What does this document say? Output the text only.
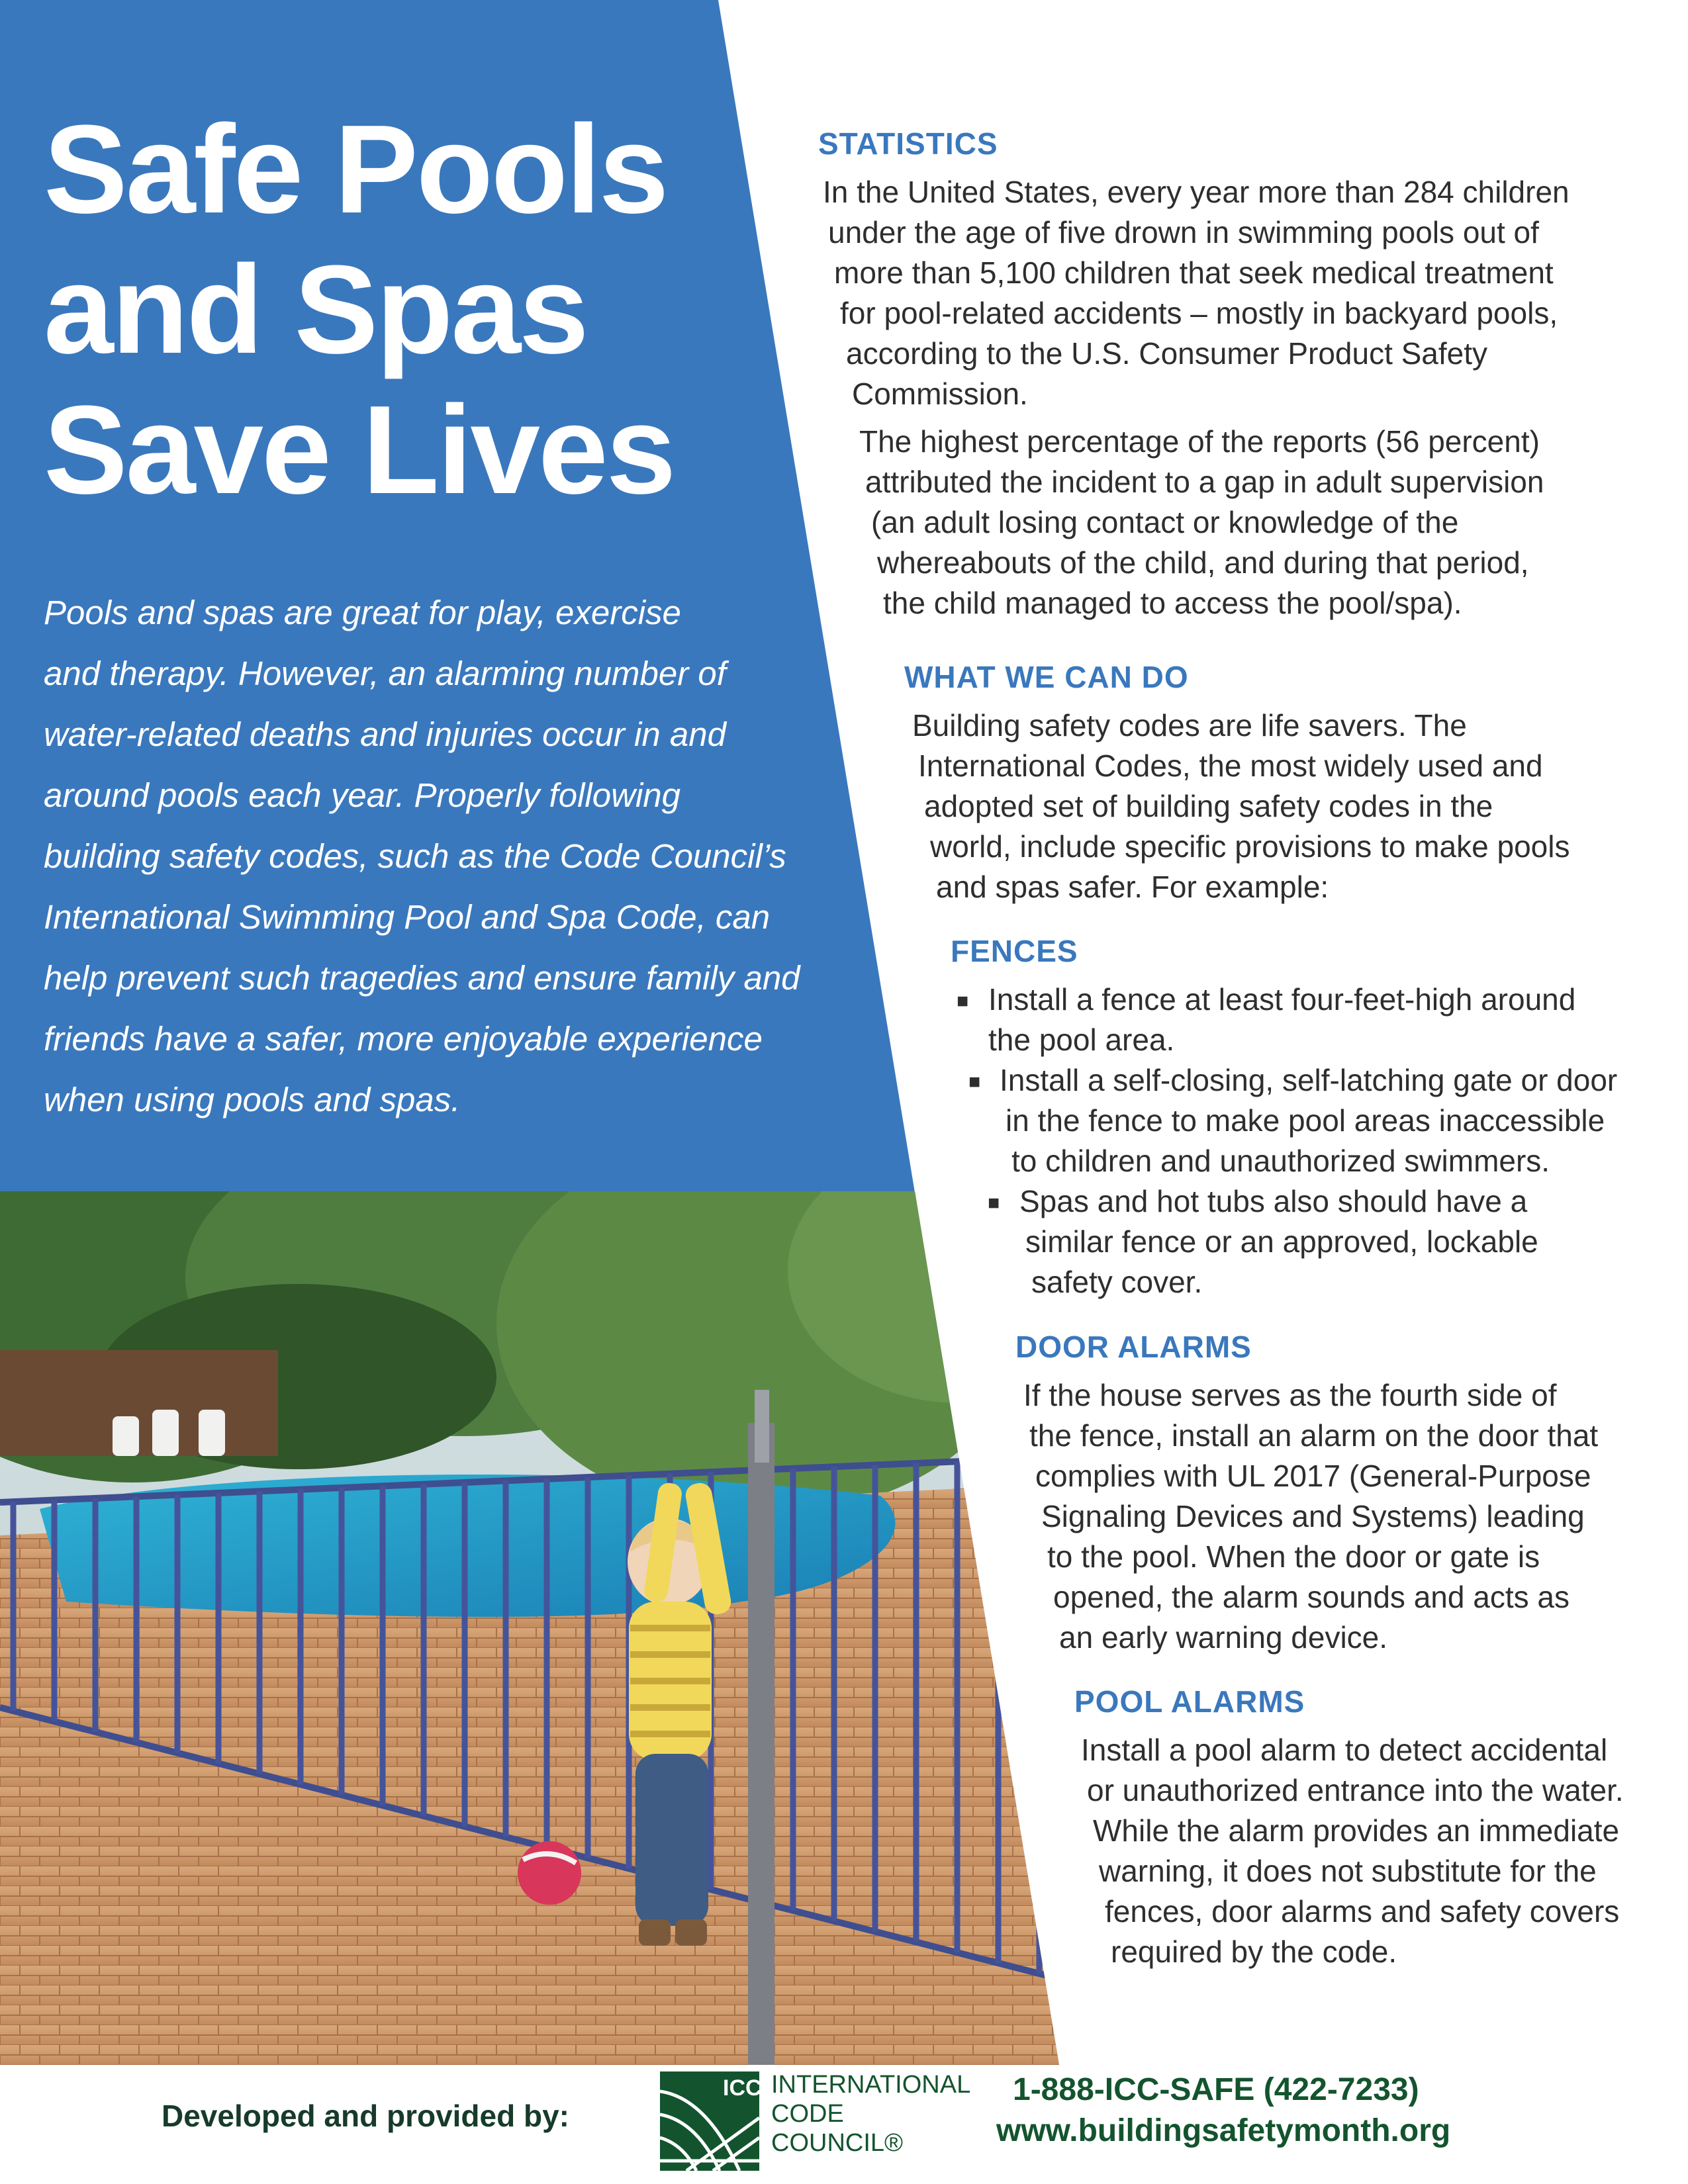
Safe Pools
and Spas
Save Lives
Pools and spas are great for play, exercise
and therapy. However, an alarming number of
water-related deaths and injuries occur in and
around pools each year. Properly following
building safety codes, such as the Code Council’s
International Swimming Pool and Spa Code, can
help prevent such tragedies and ensure family and
friends have a safer, more enjoyable experience
when using pools and spas.
STATISTICS
In the United States, every year more than 284 children
under the age of five drown in swimming pools out of
more than 5,100 children that seek medical treatment
for pool-related accidents – mostly in backyard pools,
according to the U.S. Consumer Product Safety
Commission.
The highest percentage of the reports (56 percent)
attributed the incident to a gap in adult supervision
(an adult losing contact or knowledge of the
whereabouts of the child, and during that period,
the child managed to access the pool/spa).
WHAT WE CAN DO
Building safety codes are life savers. The
International Codes, the most widely used and
adopted set of building safety codes in the
world, include specific provisions to make pools
and spas safer. For example:
FENCES
■ Install a fence at least four-feet-high around
the pool area.
■ Install a self-closing, self-latching gate or door
in the fence to make pool areas inaccessible
to children and unauthorized swimmers.
■ Spas and hot tubs also should have a
similar fence or an approved, lockable
safety cover.
DOOR ALARMS
If the house serves as the fourth side of
the fence, install an alarm on the door that
complies with UL 2017 (General-Purpose
Signaling Devices and Systems) leading
to the pool. When the door or gate is
opened, the alarm sounds and acts as
an early warning device.
POOL ALARMS
Install a pool alarm to detect accidental
or unauthorized entrance into the water.
While the alarm provides an immediate
warning, it does not substitute for the
fences, door alarms and safety covers
required by the code.
Developed and provided by:
ICC INTERNATIONAL
CODE
COUNCIL®
1-888-ICC-SAFE (422-7233)
www.buildingsafetymonth.org
